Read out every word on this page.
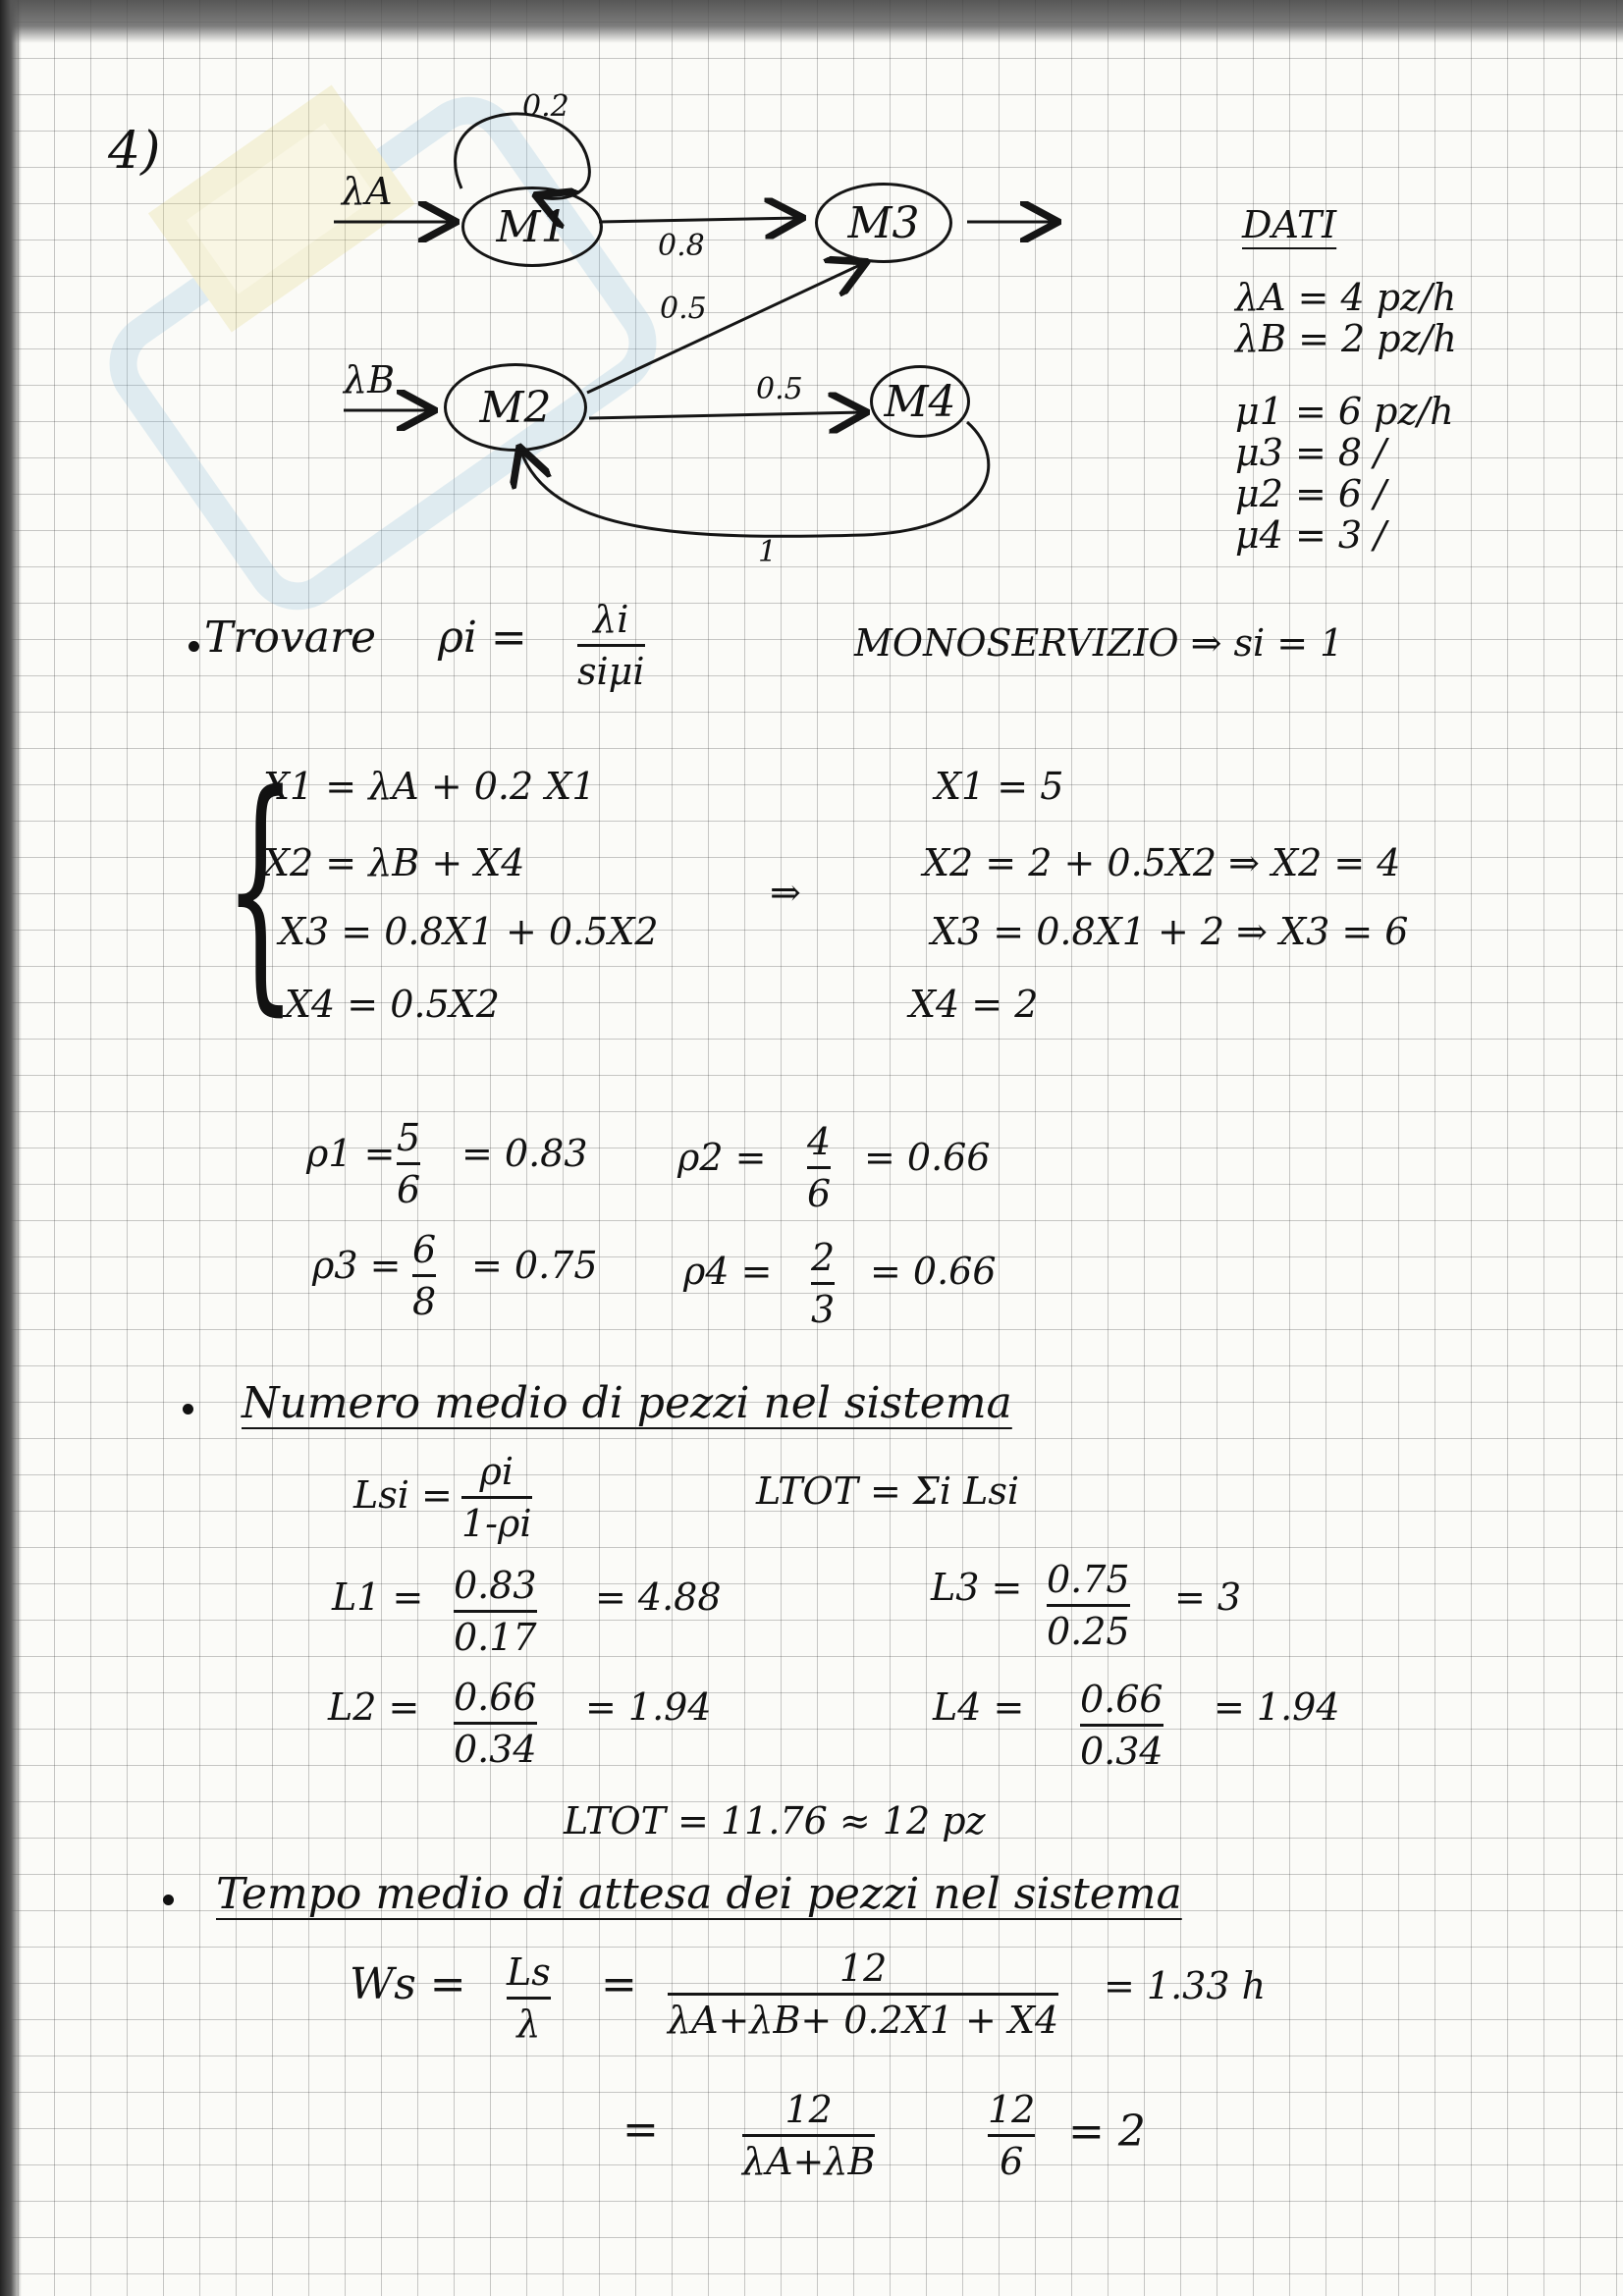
4)
M1	M3
M2	M4
λA
λB
0.2
0.8
0.5
0.5
1
DATI
λA = 4 pz/h
λB = 2 pz/h
μ1 = 6 pz/h
μ3 = 8 /
μ2 = 6 /
μ4 = 3 /
Trovare ρi = λi
siμi
MONOSERVIZIO ⇒ si = 1
{
X1 = λA + 0.2 X1
X2 = λB + X4
X3 = 0.8X1 + 0.5X2
X4 = 0.5X2
⇒
X1 = 5
X2 = 2 + 0.5X2 ⇒ X2 = 4
X3 = 0.8X1 + 2 ⇒ X3 = 6
X4 = 2
ρ1 = 5
6
= 0.83 ρ2 = 4
6
= 0.66
ρ3 = 6
8
= 0.75 ρ4 = 2
3
= 0.66
Numero medio di pezzi nel sistema
Lsi =
ρi
1-ρi
LTOT = Σi Lsi
L1 = 0.83
0.17
= 4.88	L3 = 0.75
0.25
= 3
L2 = 0.66
0.34
= 1.94	L4 = 0.66
0.34
= 1.94
LTOT = 11.76 ≈ 12 pz
Tempo medio di attesa dei pezzi nel sistema
Ws = Ls
λ
=	12
λA+λB+ 0.2X1 + X4
= 1.33 h
=	12
λA+λB
12
6
= 2
